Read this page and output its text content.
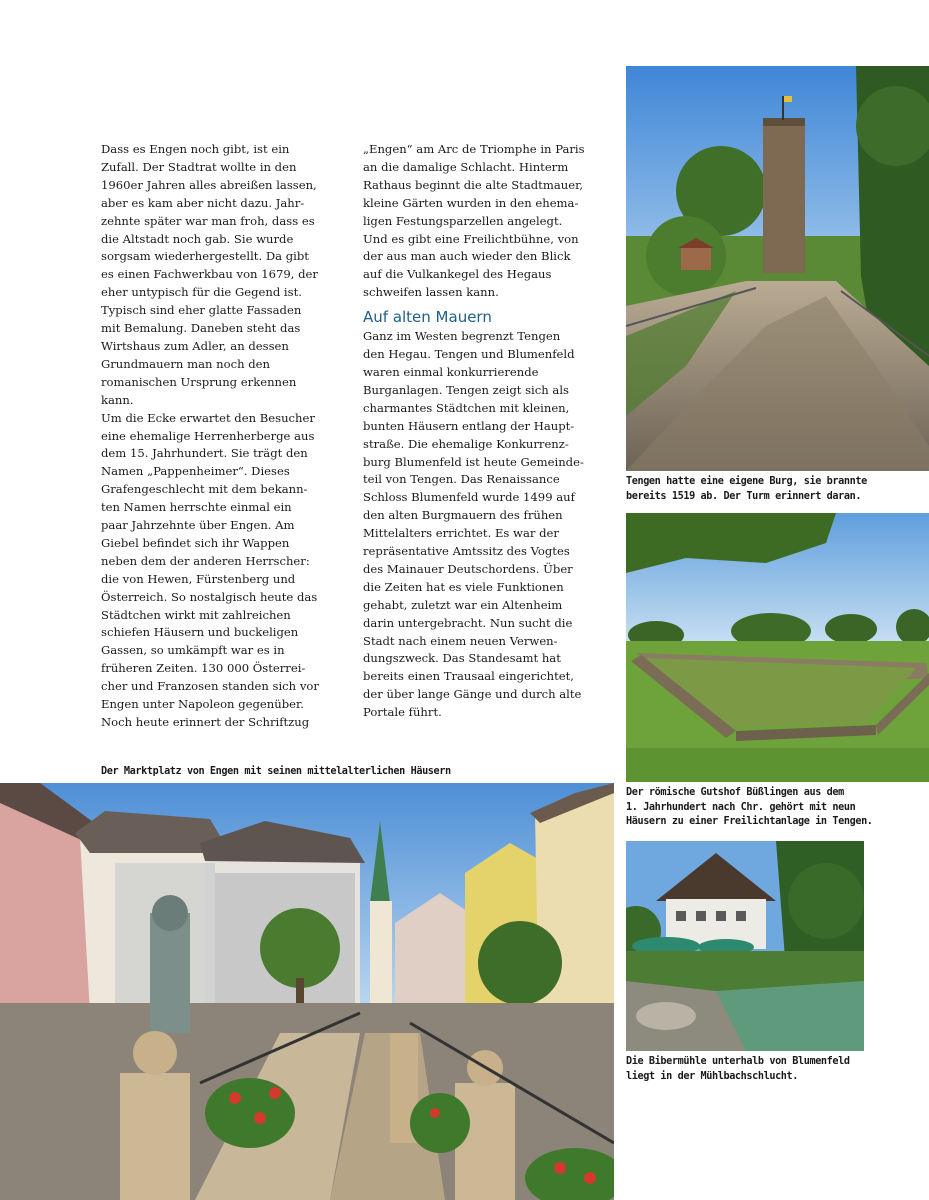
Dass es Engen noch gibt, ist ein
Zufall. Der Stadtrat wollte in den
1960er Jahren alles abreißen lassen,
aber es kam aber nicht dazu. Jahr-
zehnte später war man froh, dass es
die Altstadt noch gab. Sie wurde
sorgsam wiederhergestellt. Da gibt
es einen Fachwerkbau von 1679, der
eher untypisch für die Gegend ist.
Typisch sind eher glatte Fassaden
mit Bemalung. Daneben steht das
Wirtshaus zum Adler, an dessen
Grundmauern man noch den
romanischen Ursprung erkennen
kann.
Um die Ecke erwartet den Besucher
eine ehemalige Herrenherberge aus
dem 15. Jahrhundert. Sie trägt den
Namen „Pappenheimer“. Dieses
Grafengeschlecht mit dem bekann-
ten Namen herrschte einmal ein
paar Jahrzehnte über Engen. Am
Giebel befindet sich ihr Wappen
neben dem der anderen Herrscher:
die von Hewen, Fürstenberg und
Österreich. So nostalgisch heute das
Städtchen wirkt mit zahlreichen
schiefen Häusern und buckeligen
Gassen, so umkämpft war es in
früheren Zeiten. 130 000 Österrei-
cher und Franzosen standen sich vor
Engen unter Napoleon gegenüber.
Noch heute erinnert der Schriftzug
„Engen“ am Arc de Triomphe in Paris
an die damalige Schlacht. Hinterm
Rathaus beginnt die alte Stadtmauer,
kleine Gärten wurden in den ehema-
ligen Festungsparzellen angelegt.
Und es gibt eine Freilichtbühne, von
der aus man auch wieder den Blick
auf die Vulkankegel des Hegaus
schweifen lassen kann.
Auf alten Mauern
Ganz im Westen begrenzt Tengen
den Hegau. Tengen und Blumenfeld
waren einmal konkurrierende
Burganlagen. Tengen zeigt sich als
charmantes Städtchen mit kleinen,
bunten Häusern entlang der Haupt-
straße. Die ehemalige Konkurrenz-
burg Blumenfeld ist heute Gemeinde-
teil von Tengen. Das Renaissance
Schloss Blumenfeld wurde 1499 auf
den alten Burgmauern des frühen
Mittelalters errichtet. Es war der
repräsentative Amtssitz des Vogtes
des Mainauer Deutschordens. Über
die Zeiten hat es viele Funktionen
gehabt, zuletzt war ein Altenheim
darin untergebracht. Nun sucht die
Stadt nach einem neuen Verwen-
dungszweck. Das Standesamt hat
bereits einen Trausaal eingerichtet,
der über lange Gänge und durch alte
Portale führt.
Tengen hatte eine eigene Burg, sie brannte
bereits 1519 ab. Der Turm erinnert daran.
Der römische Gutshof Büßlingen aus dem
1. Jahrhundert nach Chr. gehört mit neun
Häusern zu einer Freilichtanlage in Tengen.
Die Bibermühle unterhalb von Blumenfeld
liegt in der Mühlbachschlucht.
Der Marktplatz von Engen mit seinen mittelalterlichen Häusern
